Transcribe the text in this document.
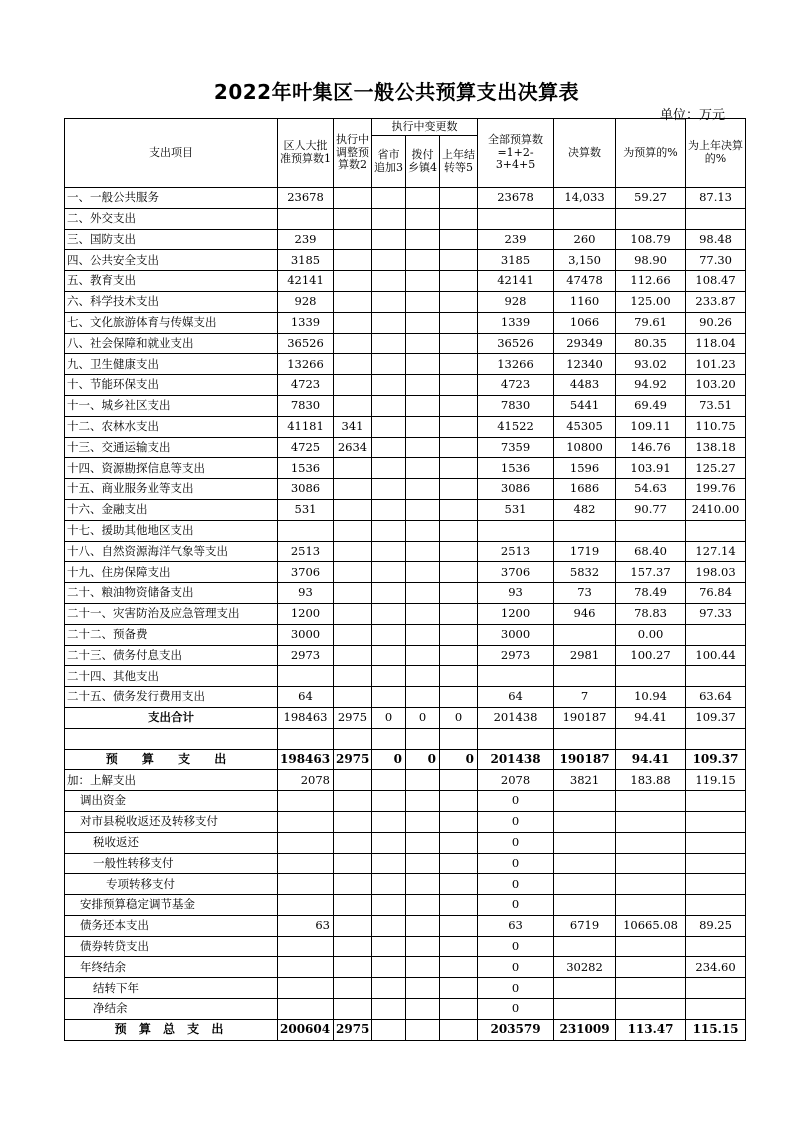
2022年叶集区一般公共预算支出决算表
单位：万元
支出项目	区人大批准预算数1	执行中调整预算数2	执行中变更数			全部预算数=1+2-3+4+5	决算数	为预算的%	为上年决算的%
			省市追加3	拨付乡镇4	上年结转等5				
一、一般公共服务	23678					23678	14,033	59.27	87.13
二、外交支出									
三、国防支出	239					239	260	108.79	98.48
四、公共安全支出	3185					3185	3,150	98.90	77.30
五、教育支出	42141					42141	47478	112.66	108.47
六、科学技术支出	928					928	1160	125.00	233.87
七、文化旅游体育与传媒支出	1339					1339	1066	79.61	90.26
八、社会保障和就业支出	36526					36526	29349	80.35	118.04
九、卫生健康支出	13266					13266	12340	93.02	101.23
十、节能环保支出	4723					4723	4483	94.92	103.20
十一、城乡社区支出	7830					7830	5441	69.49	73.51
十二、农林水支出	41181	341				41522	45305	109.11	110.75
十三、交通运输支出	4725	2634				7359	10800	146.76	138.18
十四、资源勘探信息等支出	1536					1536	1596	103.91	125.27
十五、商业服务业等支出	3086					3086	1686	54.63	199.76
十六、金融支出	531					531	482	90.77	2410.00
十七、援助其他地区支出									
十八、自然资源海洋气象等支出	2513					2513	1719	68.40	127.14
十九、住房保障支出	3706					3706	5832	157.37	198.03
二十、粮油物资储备支出	93					93	73	78.49	76.84
二十一、灾害防治及应急管理支出	1200					1200	946	78.83	97.33
二十二、预备费	3000					3000		0.00	
二十三、债务付息支出	2973					2973	2981	100.27	100.44
二十四、其他支出									
二十五、债务发行费用支出	64					64	7	10.94	63.64
支出合计	198463	2975	0	0	0	201438	190187	94.41	109.37

预 算 支 出	198463	2975	0	0	0	201438	190187	94.41	109.37
加：上解支出	2078					2078	3821	183.88	119.15
调出资金						0			
对市县税收返还及转移支付						0			
税收返还						0			
一般性转移支付						0			
专项转移支付						0			
安排预算稳定调节基金						0			
债务还本支出	63					63	6719	10665.08	89.25
债券转贷支出						0			
年终结余						0	30282		234.60
结转下年						0			
净结余						0			
预 算 总 支 出	200604	2975				203579	231009	113.47	115.15
